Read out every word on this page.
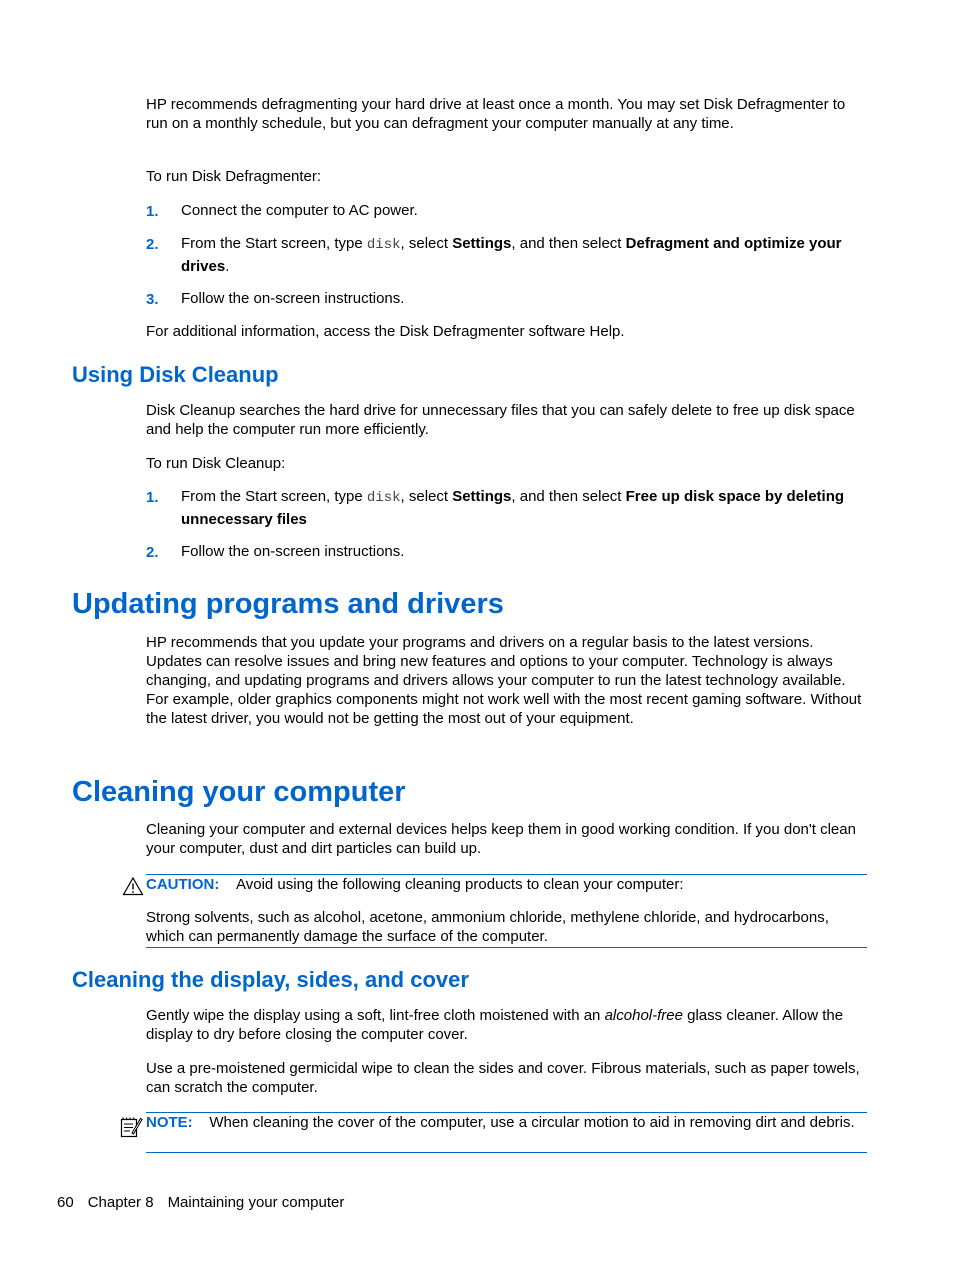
HP recommends defragmenting your hard drive at least once a month. You may set Disk Defragmenter to run on a monthly schedule, but you can defragment your computer manually at any time.

To run Disk Defragmenter:

1. Connect the computer to AC power.

2. From the Start screen, type disk, select Settings, and then select Defragment and optimize your drives.

3. Follow the on-screen instructions.

For additional information, access the Disk Defragmenter software Help.

Using Disk Cleanup

Disk Cleanup searches the hard drive for unnecessary files that you can safely delete to free up disk space and help the computer run more efficiently.

To run Disk Cleanup:

1. From the Start screen, type disk, select Settings, and then select Free up disk space by deleting unnecessary files

2. Follow the on-screen instructions.

Updating programs and drivers

HP recommends that you update your programs and drivers on a regular basis to the latest versions. Updates can resolve issues and bring new features and options to your computer. Technology is always changing, and updating programs and drivers allows your computer to run the latest technology available. For example, older graphics components might not work well with the most recent gaming software. Without the latest driver, you would not be getting the most out of your equipment.

Cleaning your computer

Cleaning your computer and external devices helps keep them in good working condition. If you don't clean your computer, dust and dirt particles can build up.

CAUTION: Avoid using the following cleaning products to clean your computer:

Strong solvents, such as alcohol, acetone, ammonium chloride, methylene chloride, and hydrocarbons, which can permanently damage the surface of the computer.

Cleaning the display, sides, and cover

Gently wipe the display using a soft, lint-free cloth moistened with an alcohol-free glass cleaner. Allow the display to dry before closing the computer cover.

Use a pre-moistened germicidal wipe to clean the sides and cover. Fibrous materials, such as paper towels, can scratch the computer.

NOTE: When cleaning the cover of the computer, use a circular motion to aid in removing dirt and debris.

60 Chapter 8 Maintaining your computer
